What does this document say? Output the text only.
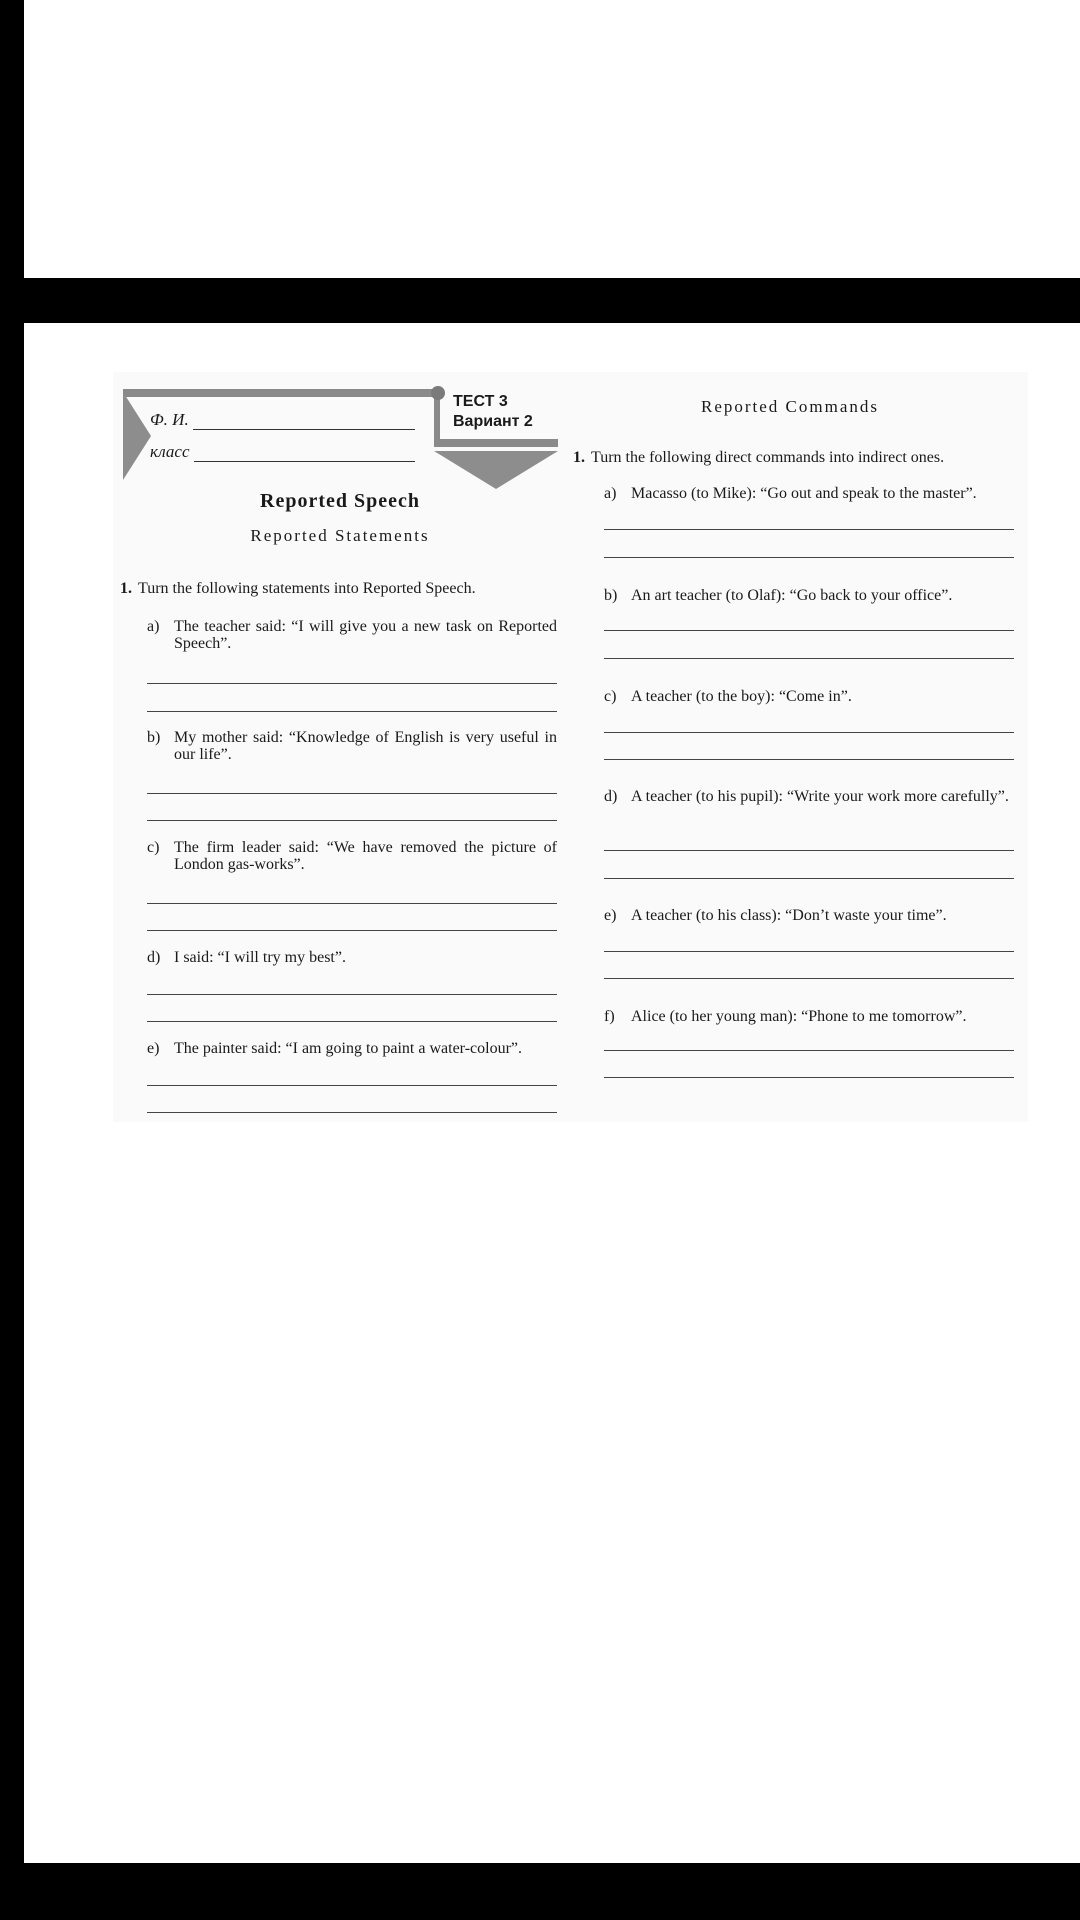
ТЕСТ 3
Вариант 2
Ф. И.
класс
Reported Speech
Reported Statements
1. Turn the following statements into Reported Speech.
a) The teacher said: “I will give you a new task on Reported Speech”.
b) My mother said: “Knowledge of English is very useful in our life”.
c) The firm leader said: “We have removed the picture of London gas-works”.
d) I said: “I will try my best”.
e) The painter said: “I am going to paint a water-colour”.
Reported Commands
1. Turn the following direct commands into indirect ones.
a) Macasso (to Mike): “Go out and speak to the master”.
b) An art teacher (to Olaf): “Go back to your office”.
c) A teacher (to the boy): “Come in”.
d) A teacher (to his pupil): “Write your work more carefully”.
e) A teacher (to his class): “Don’t waste your time”.
f)	Alice (to her young man): “Phone to me tomorrow”.
